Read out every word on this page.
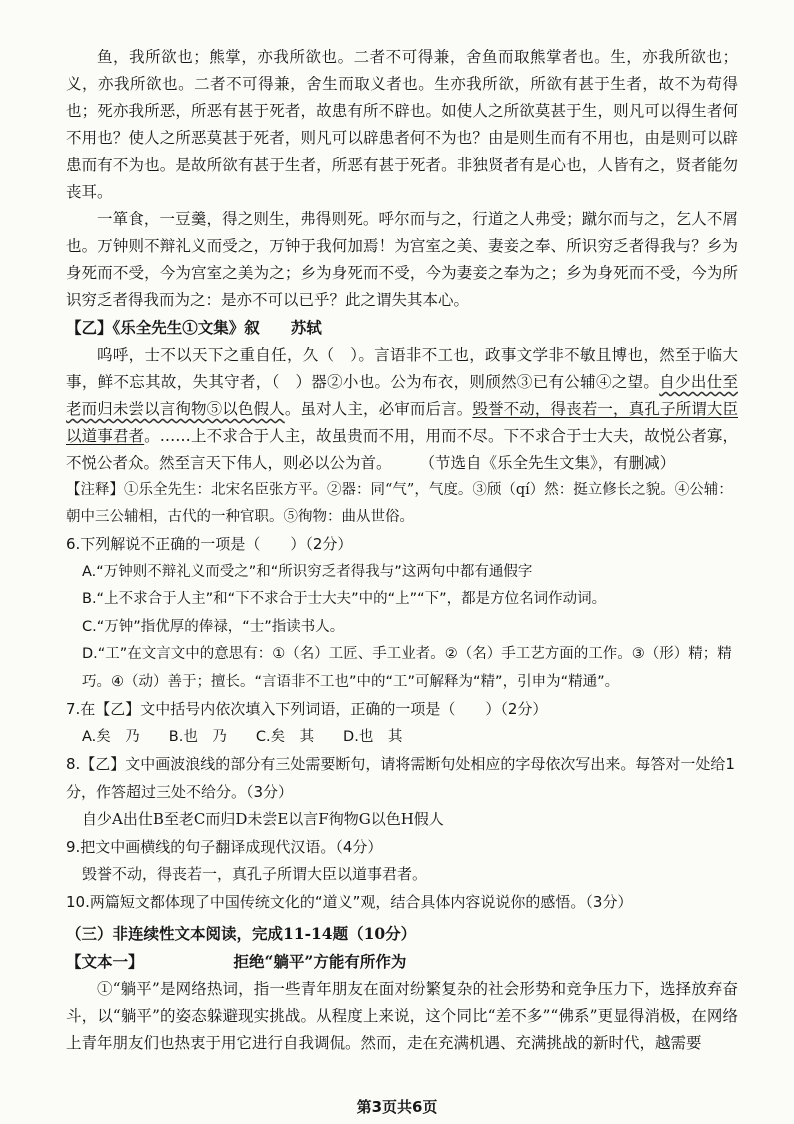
鱼，我所欲也；熊掌，亦我所欲也。二者不可得兼，舍鱼而取熊掌者也。生，亦我所欲也；义，亦我所欲也。二者不可得兼，舍生而取义者也。生亦我所欲，所欲有甚于生者，故不为苟得也；死亦我所恶，所恶有甚于死者，故患有所不辟也。如使人之所欲莫甚于生，则凡可以得生者何不用也？使人之所恶莫甚于死者，则凡可以辟患者何不为也？由是则生而有不用也，由是则可以辟患而有不为也。是故所欲有甚于生者，所恶有甚于死者。非独贤者有是心也，人皆有之，贤者能勿丧耳。

一箪食，一豆羹，得之则生，弗得则死。呼尔而与之，行道之人弗受；蹴尔而与之，乞人不屑也。万钟则不辩礼义而受之，万钟于我何加焉！为宫室之美、妻妾之奉、所识穷乏者得我与？乡为身死而不受，今为宫室之美为之；乡为身死而不受，今为妻妾之奉为之；乡为身死而不受，今为所识穷乏者得我而为之：是亦不可以已乎？此之谓失其本心。

【乙】《乐全先生①文集》叙　　苏轼

呜呼，士不以天下之重自任，久（　）。言语非不工也，政事文学非不敏且博也，然至于临大事，鲜不忘其故，失其守者，（　）器②小也。公为布衣，则颀然③已有公辅④之望。自少出仕至老而归未尝以言徇物⑤以色假人。虽对人主，必审而后言。毁誉不动，得丧若一，真孔子所谓大臣以道事君者。……上不求合于人主，故虽贵而不用，用而不尽。下不求合于士大夫，故悦公者寡，不悦公者众。然至言天下伟人，则必以公为首。 （节选自《乐全先生文集》，有删减）

【注释】①乐全先生：北宋名臣张方平。②器：同“气”，气度。③颀（qí）然：挺立修长之貌。④公辅：朝中三公辅相，古代的一种官职。⑤徇物：曲从世俗。

6.下列解说不正确的一项是（　　）（2分）

A.“万钟则不辩礼义而受之”和“所识穷乏者得我与”这两句中都有通假字

B.“上不求合于人主”和“下不求合于士大夫”中的“上”“下”，都是方位名词作动词。

C.“万钟”指优厚的俸禄，“士”指读书人。

D.“工”在文言文中的意思有：①（名）工匠、手工业者。②（名）手工艺方面的工作。③（形）精；精巧。④（动）善于；擅长。“言语非不工也”中的“工”可解释为“精”，引申为“精通”。

7.在【乙】文中括号内依次填入下列词语，正确的一项是（　　）（2分）

A.矣　乃　　B.也　乃　　C.矣　其　　D.也　其

8.【乙】文中画波浪线的部分有三处需要断句，请将需断句处相应的字母依次写出来。每答对一处给1分，作答超过三处不给分。（3分）

自少A出仕B至老C而归D未尝E以言F徇物G以色H假人

9.把文中画横线的句子翻译成现代汉语。（4分）

毁誉不动，得丧若一，真孔子所谓大臣以道事君者。

10.两篇短文都体现了中国传统文化的“道义”观，结合具体内容说说你的感悟。（3分）

（三）非连续性文本阅读，完成11-14题（10分）

【文本一】	拒绝“躺平”方能有所作为

①“躺平”是网络热词，指一些青年朋友在面对纷繁复杂的社会形势和竞争压力下，选择放弃奋斗，以“躺平”的姿态躲避现实挑战。从程度上来说，这个同比“差不多”“佛系”更显得消极，在网络上青年朋友们也热衷于用它进行自我调侃。然而，走在充满机遇、充满挑战的新时代，越需要

第3页共6页
